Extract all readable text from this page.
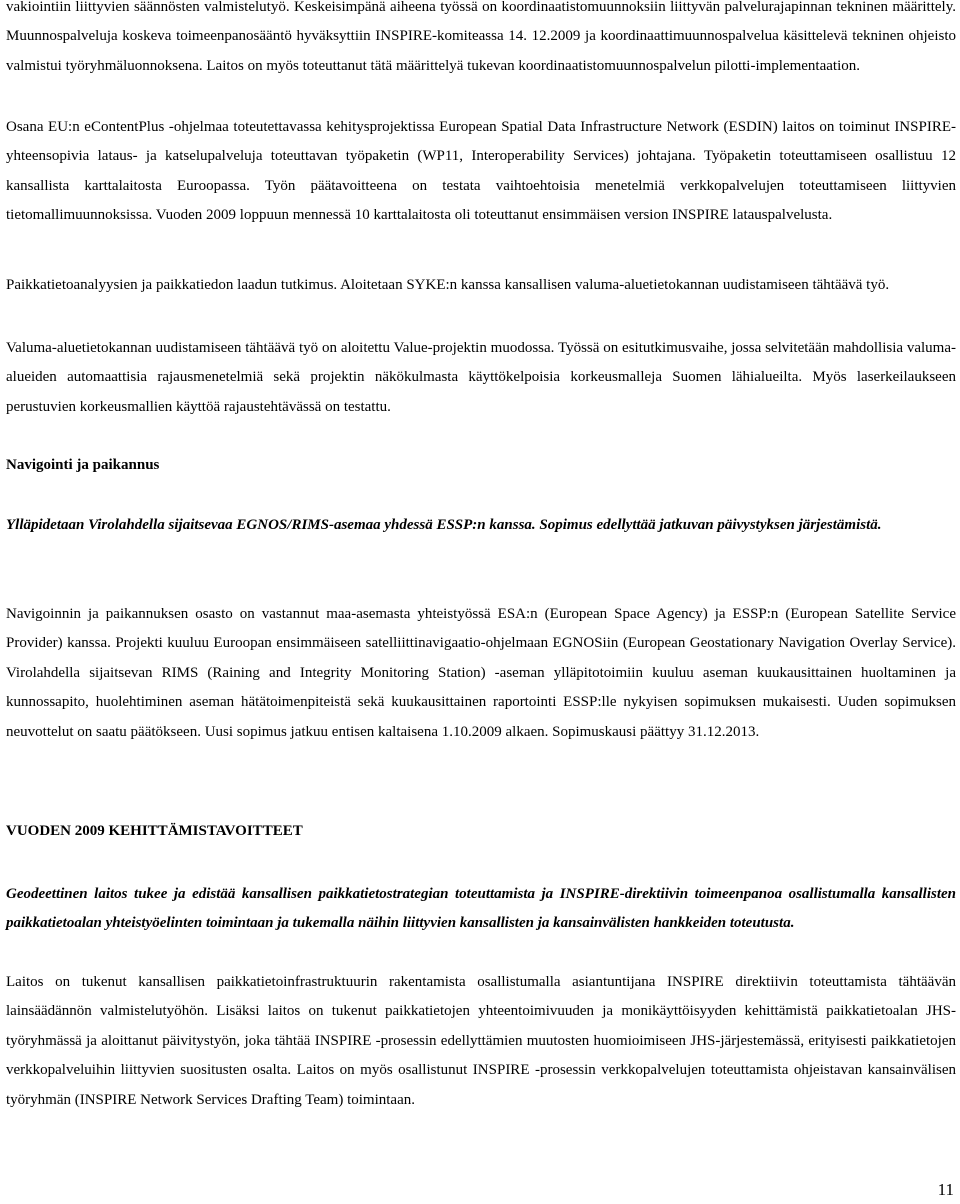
vakiointiin liittyvien säännösten valmistelutyö. Keskeisimpänä aiheena työssä on koordinaatistomuunnoksiin liittyvän palvelurajapinnan tekninen määrittely. Muunnospalveluja koskeva toimeenpanosääntö hyväksyttiin INSPIRE-komiteassa 14. 12.2009 ja koordinaattimuunnospalvelua käsittelevä tekninen ohjeisto valmistui työryhmäluonnoksena. Laitos on myös toteuttanut tätä määrittelyä tukevan koordinaatistomuunnospalvelun pilotti-implementaation.

Osana EU:n eContentPlus -ohjelmaa toteutettavassa kehitysprojektissa European Spatial Data Infrastructure Network (ESDIN) laitos on toiminut INSPIRE-yhteensopivia lataus- ja katselupalveluja toteuttavan työpaketin (WP11, Interoperability Services) johtajana. Työpaketin toteuttamiseen osallistuu 12 kansallista karttalaitosta Euroopassa. Työn päätavoitteena on testata vaihtoehtoisia menetelmiä verkkopalvelujen toteuttamiseen liittyvien tietomallimuunnoksissa. Vuoden 2009 loppuun mennessä 10 karttalaitosta oli toteuttanut ensimmäisen version INSPIRE latauspalvelusta.

Paikkatietoanalyysien ja paikkatiedon laadun tutkimus. Aloitetaan SYKE:n kanssa kansallisen valuma-aluetietokannan uudistamiseen tähtäävä työ.

Valuma-aluetietokannan uudistamiseen tähtäävä työ on aloitettu Value-projektin muodossa. Työssä on esitutkimusvaihe, jossa selvitetään mahdollisia valuma-alueiden automaattisia rajausmenetelmiä sekä projektin näkökulmasta käyttökelpoisia korkeusmalleja Suomen lähialueilta. Myös laserkeilaukseen perustuvien korkeusmallien käyttöä rajaustehtävässä on testattu.

Navigointi ja paikannus

Ylläpidetaan Virolahdella sijaitsevaa EGNOS/RIMS-asemaa yhdessä ESSP:n kanssa. Sopimus edellyttää jatkuvan päivystyksen järjestämistä.

Navigoinnin ja paikannuksen osasto on vastannut maa-asemasta yhteistyössä ESA:n (European Space Agency) ja ESSP:n (European Satellite Service Provider) kanssa. Projekti kuuluu Euroopan ensimmäiseen satelliittinavigaatio-ohjelmaan EGNOSiin (European Geostationary Navigation Overlay Service). Virolahdella sijaitsevan RIMS (Raining and Integrity Monitoring Station) -aseman ylläpitotoimiin kuuluu aseman kuukausittainen huoltaminen ja kunnossapito, huolehtiminen aseman hätätoimenpiteistä sekä kuukausittainen raportointi ESSP:lle nykyisen sopimuksen mukaisesti. Uuden sopimuksen neuvottelut on saatu päätökseen. Uusi sopimus jatkuu entisen kaltaisena 1.10.2009 alkaen. Sopimuskausi päättyy 31.12.2013.

VUODEN 2009 KEHITTÄMISTAVOITTEET

Geodeettinen laitos tukee ja edistää kansallisen paikkatietostrategian toteuttamista ja INSPIRE-direktiivin toimeenpanoa osallistumalla kansallisten paikkatietoalan yhteistyöelinten toimintaan ja tukemalla näihin liittyvien kansallisten ja kansainvälisten hankkeiden toteutusta.

Laitos on tukenut kansallisen paikkatietoinfrastruktuurin rakentamista osallistumalla asiantuntijana INSPIRE direktiivin toteuttamista tähtäävän lainsäädännön valmistelutyöhön. Lisäksi laitos on tukenut paikkatietojen yhteentoimivuuden ja monikäyttöisyyden kehittämistä paikkatietoalan JHS-työryhmässä ja aloittanut päivitystyön, joka tähtää INSPIRE -prosessin edellyttämien muutosten huomioimiseen JHS-järjestemässä, erityisesti paikkatietojen verkkopalveluihin liittyvien suositusten osalta. Laitos on myös osallistunut INSPIRE -prosessin verkkopalvelujen toteuttamista ohjeistavan kansainvälisen työryhmän (INSPIRE Network Services Drafting Team) toimintaan.

11
